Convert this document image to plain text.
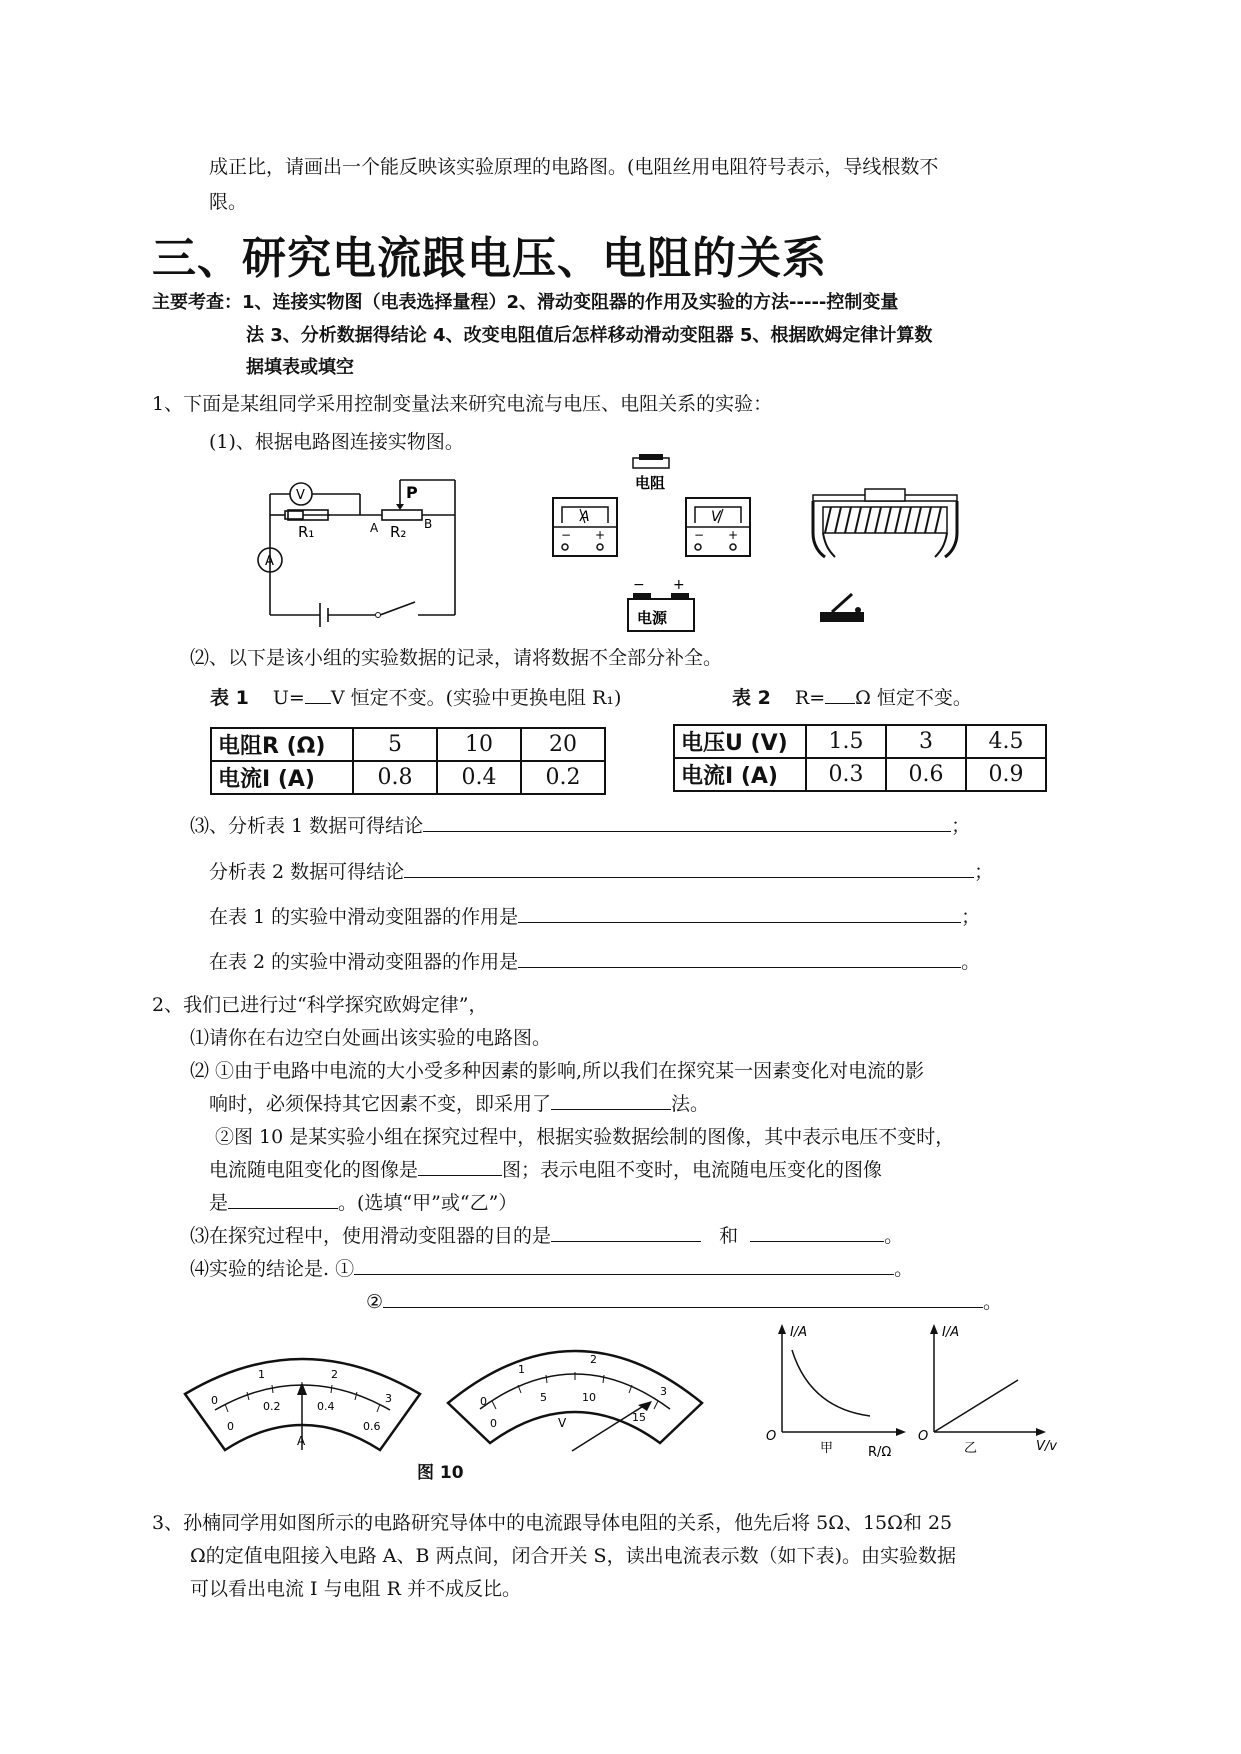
成正比，请画出一个能反映该实验原理的电路图。(电阻丝用电阻符号表示，导线根数不
限。
三、研究电流跟电压、电阻的关系
主要考查：1、连接实物图（电表选择量程）2、滑动变阻器的作用及实验的方法-----控制变量
法 3、分析数据得结论 4、改变电阻值后怎样移动滑动变阻器 5、根据欧姆定律计算数
据填表或填空
1、下面是某组同学采用控制变量法来研究电流与电压、电阻关系的实验：
(1)、根据电路图连接实物图。
V
A
R₁	R₂
P
A	B
电阻
A
− +
V
− +
− +
电源
⑵、以下是该小组的实验数据的记录，请将数据不全部分补全。
表 1 U= V 恒定不变。(实验中更换电阻 R₁)	表 2 R= Ω 恒定不变。
电阻R (Ω)	5	10	20
电流I (A)	0.8	0.4	0.2
电压U (V)	1.5	3	4.5
电流I (A)	0.3	0.6	0.9
⑶、分析表 1 数据可得结论	；
分析表 2 数据可得结论	；
在表 1 的实验中滑动变阻器的作用是	；
在表 2 的实验中滑动变阻器的作用是	。
2、我们已进行过“科学探究欧姆定律”，
⑴请你在右边空白处画出该实验的电路图。
⑵ ①由于电路中电流的大小受多种因素的影响,所以我们在探究某一因素变化对电流的影
响时，必须保持其它因素不变，即采用了	法。
②图 10 是某实验小组在探究过程中，根据实验数据绘制的图像，其中表示电压不变时，
电流随电阻变化的图像是	图；表示电阻不变时，电流随电压变化的图像
是	。(选填“甲”或“乙”）
⑶在探究过程中，使用滑动变阻器的目的是	和	。
⑷实验的结论是. ①	。
②	。
0
1	2
3
0
0.2	0.4
0.6
A
0
1
2
3
0
5	10
15
V
图 10
I/A
O
甲	R/Ω
I/A
O
乙	V/v
3、孙楠同学用如图所示的电路研究导体中的电流跟导体电阻的关系，他先后将 5Ω、15Ω和 25
Ω的定值电阻接入电路 A、B 两点间，闭合开关 S，读出电流表示数（如下表)。由实验数据
可以看出电流 I 与电阻 R 并不成反比。
